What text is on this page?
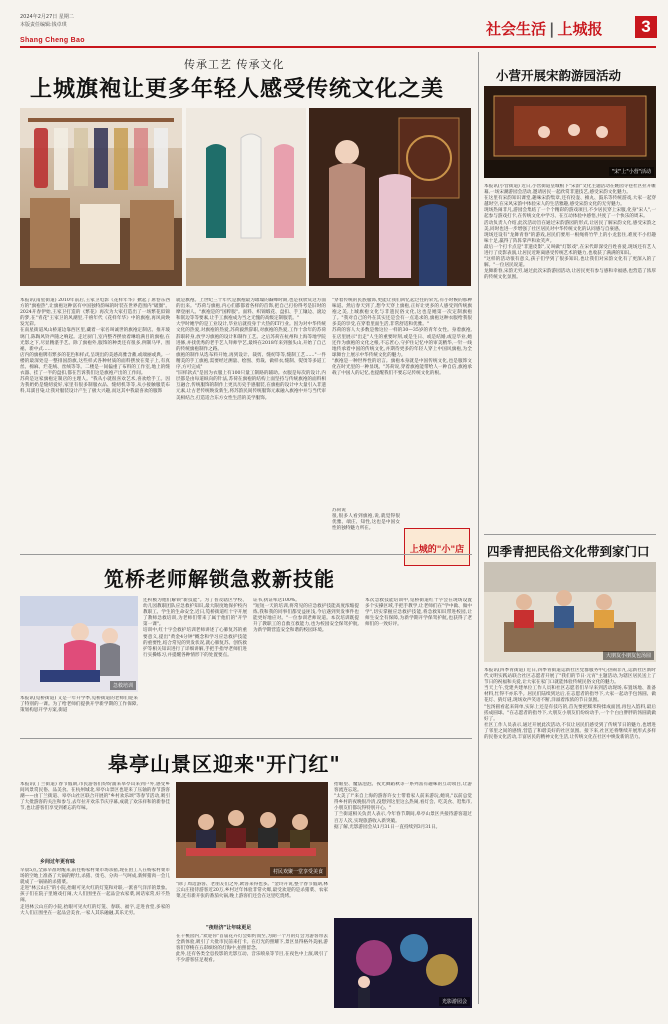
2024年2月27日 星期二
本版责任编辑:钱卓琪
Shang Cheng Bao
社会生活 | 上城报	3
传承工艺 传承文化
上城旗袍让更多年轻人感受传统文化之美
本报讯(南星街道) 2010年前后,王家卫电影《花样年华》掀起了席卷东西方的"旗袍热",让旗袍这种富有中国独特韵味的时装在世界范围内"破圈"。2024开春伊始,王家卫打造的《繁花》再次为大家打造出了一场繁花似锦的梦,在"青花"王家卫的风潮里,千禧年代《花样年华》中的旗袍,再风尚焕发光彩。
在南星街道凤山桥道边靠西区里,藏着一家名叫诚世的旗袍定制店。推开玻璃门,陈陶风铃声随之响起。走过厨门,室内整齐摆放着琳琅满目的旗袍,在光影之下,尽显精湛手艺。除了旗袍外,服饰的种类还有很多,例制马甲、围裙、新中式……
店内的旗袍牌有繁多的花色和样式,呈现出的美感高雅含蓄,或端丽或典。一楼的最深处是一整排国韵旗,这些样式各种材质的面料摆放在架子上,有真丝、棉麻、烂花绒、丝绒等等。二楼是一间偏重了布料的工作室,地上的缝衣器、挂了一半的盘扣,都在告诉我们这是旗袍产出的工作间。
苏荷是这家旗袍定制店的主理人。"我从小就很喜欢艺术,喜欢绘手工。因为我奶奶是缝纫爱好,家里有很多制服衣品、缝纫机等等,从小接触服装布料,耳濡目染,让我对服装设计产生了极大兴趣,而这其中我最喜欢的服饰
就是旗袍。上世纪三十年代是旗袍最为璀璨的巅峰时期,也是我欣赏这方面的出来。"苏荷与旗袍,内心们都都着各样的首饰,把自己打扮得考是旧时的摩登丽人。"旗袍是的"国粹服"。面料、织锦缎花、盘扣、手工镶边、滚边和嵌边等等要素,让手工旗袍成为当之无愧的高级定制服装。"
大学时她学的是工业设计,毕业后就投身于大热的IT行业。因为对中华传统文化的热爱,对旗袍的热爱,苏荷毅然辞职,对旗袍的热爱,工作十余年的苏荷辞职转身,放学习旗袍的设计和制作工艺。之后苏荷在杭州和上海等地学院进修,并找优秀的老手艺人拜师学艺,最终在2018年来到强头山,开始了自己的传统旗袍制作之路。
旗袍的制作从选布料开始,再到设计、裁剪、缝纫等等,缝制工艺……"一件精美的手工旗袍,需要经过测量、绘图、剪裁、做样衣,缝制、熨烫等多道工序,方可完成"
"旧样款式"是因为衣服上有100只量工制路的辅助。衣服是每次的设计,内层都是由每道纵向的针法,苏荷在旗袍的结构上面坚持与传统旗袍的面料相互融合,传统服饰的制作上更具历史手感服装,在旗袍的设计中大量引入非遗元素,让古老传统焕发新生,将苏韵民间传统服饰元素融入旗袍中并与当代审美相结合,打造适合东方女性生活的美学服饰。
"穿着传统的民族服饰,更能让我们回忆起过往的荣光,有小时候的那种味道。然后春天到了,想今天穿上旗袍,正好让更多的人感受到传统旗袍之美,上城旗袍文化与非遗民俗文化,这也是她第一次定制旗袍了。"我对自己的外在其实还是会有一点追求的,旗袍这种衣服给我很多美的享受,在穿着里面生活,非常舒适和优雅。"
苏荷的客人大多数是像这位一样的30—35岁的青年女性。身着旗袍,在店里展示"出走"人生的重要时刻,或是生日、或是结婚,或是毕业,她还作为旗袍的文化之根,不忘匠心,守护住记忆中的审美精华,一针一线地传承着中国的传统文化,并期待更多的年轻人穿上中国风旗袍,为全球舞台上展示中华传统文化的魅力。
"旗袍是一种世界性的语言。旗袍本身就是中国传统文化,也是服饰文化在时光里的一种显现。"苏荷说,穿着旗袍能带给人一种自信,旗袍承载了中国人的记忆,也提醒我们不要忘记传统文化的根。
苏荷说
很,很多人看到旗袍,说,就觉得很优雅、端庄、知性,这也是中国女性的独特魅力所在。
上城的"小"店
笕桥老师解锁急救新技能
急救培训
本报讯(笕桥街道) 又是一年开学季,笕桥街道的老师们迎来了特别的一课。为了给老师们提供开学新学期的工作保障,策划构思开学方案,街道
还积极为他们解锁"新技能"。为了普及辖区学校、幼儿园教职团队应急救护知识,最大限度地保护校内教职工、学生的生命安全,近日,笕桥街道红十字开展了教师急救培训,为老师们带来了属于他们的"开学第一课"。
培训中,红十字会救护培训老师讲述了心肺复苏的重要意义,提出"黄金4分钟"概念和学习应急救护技能的重要性,结合常见的突发状况,就心肺复苏、创伤救护等相关知识进行了详细讲解,手把手指导老师们进行实操练习,并提醒各种情形下的处置要点。
证书,执证率达100%。
"短短一天的培训,将常见的应急救护技能高度浓缩提炼,我和我的同事们都受益匪浅,今后遇到突发事件也能更好地应对。"一位参训老师说道。本次培训既提升了教职工的自救互救能力,也为校园安全保驾护航,为新学期营造安全和谐的校园环境。
本次急救技能培训中,笕桥街道红十字会在现场设置多个实操区域,手把手教学,让老师们在"学中做、做中学",切实掌握应急救护技能,将急救知识带进校园,让师生安全有保障,为新学期开学保驾护航,也获得了老师们的一致好评。
皋亭山景区迎来"开门红"
本报讯(丁兰街道) 春节假期,市民游客们纷纷涌来皋亭山来到户外,感受乡间风景赏民俗、品美食。在杭州城北,皋亭山景区也迎来了压轴的春节游客潮——由丁兰街道、皋亭山社区联合开展的"乡村欢乐颂"等春节活动,吸引了大批游客的关注和参与,去年拉开欢乐节庆序幕,成就了欢乐祥和的新春佳节,也让游客们享受到难忘的年味。
乡间过年更有味
早晨5点,全部早准时醒来,前往杨家村菜市场杀猪,现在由工人在杨家村菜市场的空地上准备了大锅的野灶,杀猪、烫毛、分肉一气呵成,新鲜猪肉一会儿就成了一锅锅的杀猪菜。
走进"林云山庄"的小院,抬眼可见火红的灯笼和对联,一派喜气洋洋的景象。孩子们在院子里嬉戏打闹,大人们围坐在一起品尝农家菜,闲话家常,好不热闹。
走进林云山庄的小院,抬眼可见火红的灯笼、春联、福字,走进食堂,多家的大人们正围坐在一起品尝美食,一家人其乐融融,其乐无穷。
村民欢聚一堂享受美食
"除了周边游客、老朋友们之外,欧客来得也多。"金玲开说,整个春节假期,林云山庄接待游客近20万,乡村过年体验非常火爆,最受欢迎的是杀猪菜、农家菜,还有新开张的番茄火锅,晚上游客们还会在这里吃烧烤。
"夜经济"让年味更足
在千桃园内,"欢迎你"首届花卉灯会如约而至,为期一个月的灯会为游客带去全新体验,吸引了大批市民前来打卡。在灯光的照耀下,景区显得格外美丽,游客们穿梭在五彩缤纷的灯海中,拍照留念。
此外,还有各类全息投影的光影互动、音乐喷泉等节目,在夜色中上演,吸引了不少游客驻足观看。
抬眼望、魔法泡泡、夜光舞蹈秋等一系列富有趣味的互动项目,让游客流连忘返。
"太美了!"来自上海的游客许女士带着家人前来游玩,她说,"以前总觉得乡村的夜晚很冷清,没想到这里这么热闹,看灯会、吃美食、逛集市,小朋友们都玩得特别开心。"
丁兰街道相关负责人表示,今年春节期间,皋亭山景区共接待游客超过百万人次,实现旅游收入新突破。
据了解,光影游园会从1月31日一直持续到3月31日。
光影游园会
小营开展宋韵游园活动
"宋"上"小营"活动
本报讯(小营街道) 近日,小营街道皇城根下"宋韵"文化主题活动在姚园寺巷社区拉开帷幕,一场宋潮游园会活动,邀请居民一起欣赏非遗技艺,感受宋韵文化魅力。
在这里有宋韵知识课堂,趣味宋韵集章,还有投壶、捶丸、鼓乐等传统游戏,大家一起穿越时空,在宋风宋韵中体验宋人的生活雅趣,感受宋韵文化的无穷魅力。
现场热闹非凡,游园会集结了一个个精彩的游戏项目,不少居民穿上宋服,化身"宋人",一起参与游戏打卡,在传统文化中学习、在互动体验中感悟,共度了一个快乐的周末。
活动负责人介绍,此次活动旨在通过宋韵游园的形式,让居民了解宋韵文化,感受宋韵之美,同时也进一步增强了社区居民对中华传统文化的认同感与自豪感。
现场还设有"龙舞青春"的游戏,居民们要用一根绳将竹竿上的小龙套住,难度不小但趣味十足,赢得了阵阵掌声和欢笑声。
最后一个打卡点是"非遗皮影",又叫做"灯影戏",在宋代即深受百姓喜爱,现场还有艺人进行了皮影表演,让居民近距离感受传统艺术的魅力,也收获了满满的知识。
"这样的活动很有意义,孩子们学到了很多知识,也让我们对宋韵文化有了更深入的了解。"一位居民说道。
龙舞新春,宋韵无穷,通过此次宋韵游园活动,让居民更有参与感和幸福感,也营造了浓厚的传统文化氛围。
四季青把民俗文化带到家门口
大朋友小朋友包汤圆
本报讯(四季青街道) 近日,四季青街道运新社区党群服务中心热闹非凡,运新社区新时代文明实践站联合社区志愿者开展了"我们的节日·元宵"主题活动,为辖区居民送上了节日的祝福和关爱,让大家在家门口就能体验传统民俗文化的魅力。
当天上午,党建共建单位工作人员和社区志愿者们早早来到活动现场,布置场地、准备材料,忙得不亦乐乎。居民们陆续到达后,在志愿者的指导下,大家一起动手包汤圆、做花灯、猜灯谜,现场欢声笑语不断,洋溢着浓浓的节日氛围。
"包汤圆看起来简单,实际上还是有技巧的,首先要把糯米粉揉成面团,再包入馅料,最后搓成圆球。"在志愿者的指导下,大朋友小朋友们纷纷动手,一个个白白胖胖的汤圆就做好了。
社区工作人员表示,通过开展此次活动,不仅让居民们感受到了传统节日的魅力,也增进了邻里之间的感情,营造了和谐美好的社区氛围。接下来,社区还将继续开展形式多样的民俗文化活动,丰富居民的精神文化生活,让传统文化在社区中焕发新的活力。
